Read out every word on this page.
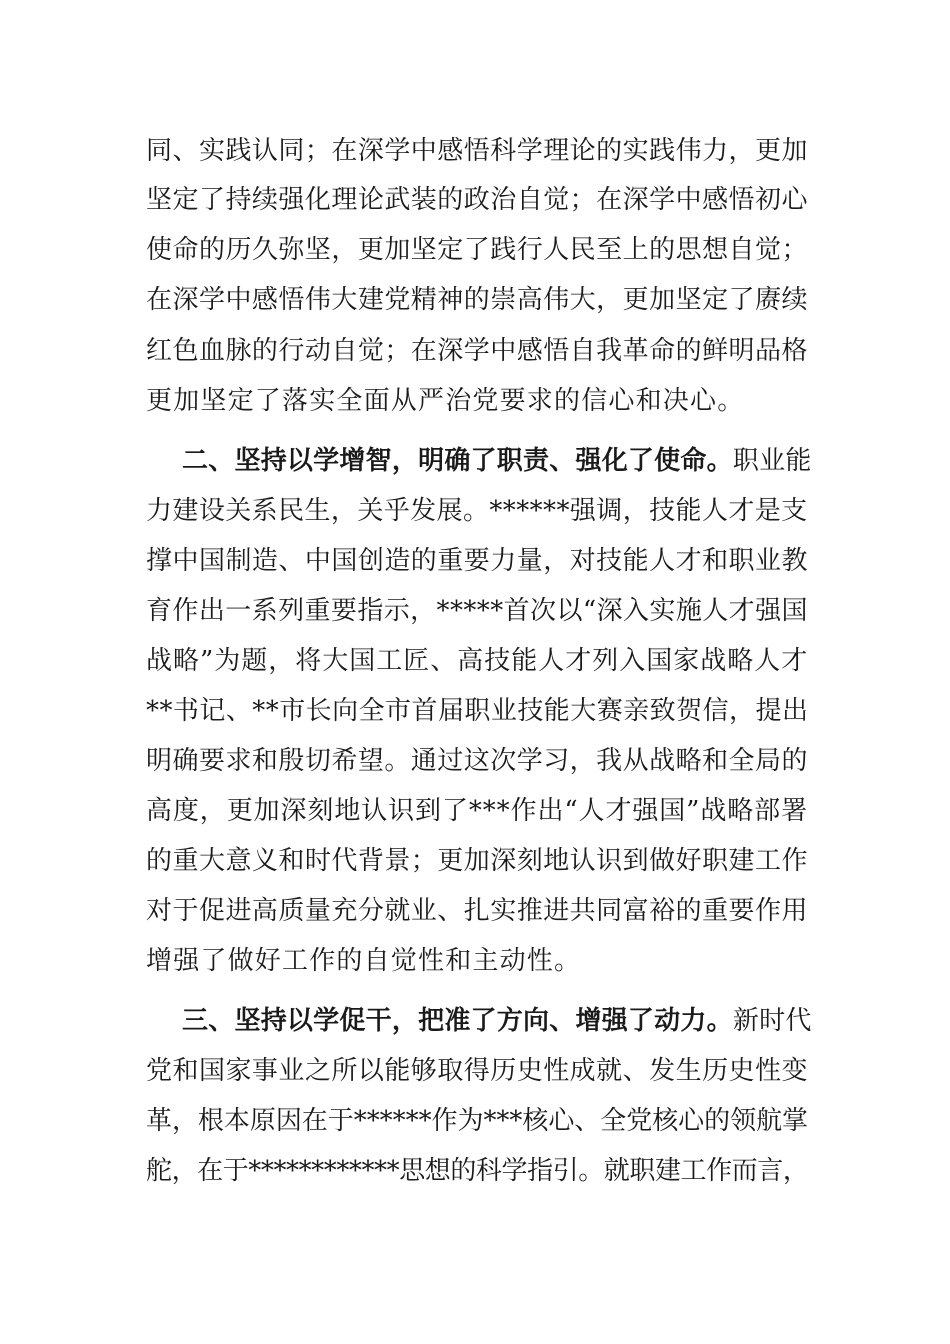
同、实践认同；在深学中感悟科学理论的实践伟力，更加
坚定了持续强化理论武装的政治自觉；在深学中感悟初心
使命的历久弥坚，更加坚定了践行人民至上的思想自觉；
在深学中感悟伟大建党精神的崇高伟大，更加坚定了赓续
红色血脉的行动自觉；在深学中感悟自我革命的鲜明品格
更加坚定了落实全面从严治党要求的信心和决心。
二、坚持以学增智，明确了职责、强化了使命。职业能
力建设关系民生，关乎发展。******强调，技能人才是支
撑中国制造、中国创造的重要力量，对技能人才和职业教
育作出一系列重要指示，*****首次以“深入实施人才强国
战略”为题，将大国工匠、高技能人才列入国家战略人才
**书记、**市长向全市首届职业技能大赛亲致贺信，提出
明确要求和殷切希望。通过这次学习，我从战略和全局的
高度，更加深刻地认识到了***作出“人才强国”战略部署
的重大意义和时代背景；更加深刻地认识到做好职建工作
对于促进高质量充分就业、扎实推进共同富裕的重要作用
增强了做好工作的自觉性和主动性。
三、坚持以学促干，把准了方向、增强了动力。新时代
党和国家事业之所以能够取得历史性成就、发生历史性变
革，根本原因在于******作为***核心、全党核心的领航掌
舵，在于************思想的科学指引。就职建工作而言，
